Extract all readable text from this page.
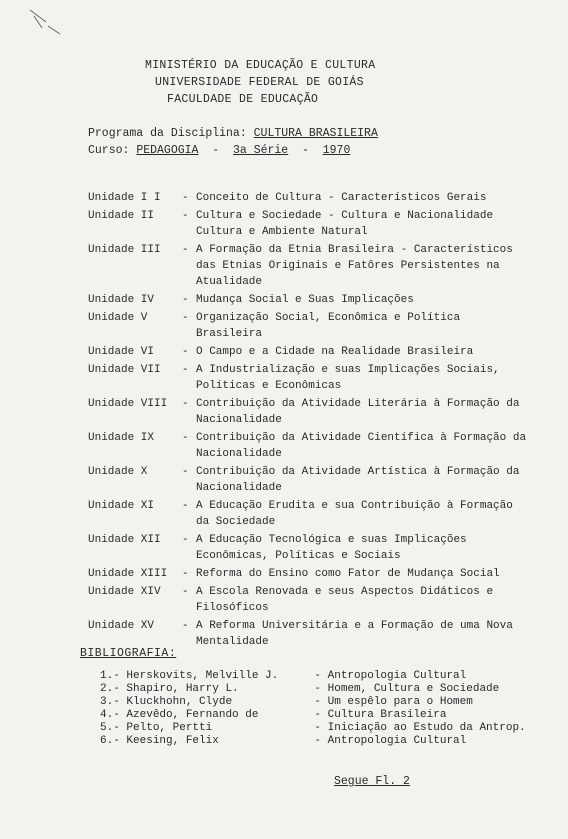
MINISTÉRIO DA EDUCAÇÃO E CULTURA
UNIVERSIDADE FEDERAL DE GOIÁS
FACULDADE DE EDUCAÇÃO
Programa da Disciplina: CULTURA BRASILEIRA
Curso: PEDAGOGIA - 3a Série - 1970
Unidade I I	- Conceito de Cultura - Característicos Gerais
Unidade II	- Cultura e Sociedade - Cultura e Nacionalidade Cultura e Ambiente Natural
Unidade III	- A Formação da Etnia Brasileira - Característicos das Etnias Originais e Fatôres Persistentes na Atualidade
Unidade IV	- Mudança Social e Suas Implicações
Unidade V	- Organização Social, Econômica e Política Brasileira
Unidade VI	- O Campo e a Cidade na Realidade Brasileira
Unidade VII	- A Industrialização e suas Implicações Sociais, Políticas e Econômicas
Unidade VIII	- Contribuição da Atividade Literária à Formação da Nacionalidade
Unidade IX	- Contribuição da Atividade Científica à Formação da Nacionalidade
Unidade X	- Contribuição da Atividade Artística à Formação da Nacionalidade
Unidade XI	- A Educação Erudita e sua Contribuição à Formação da Sociedade
Unidade XII	- A Educação Tecnológica e suas Implicações Econômicas, Políticas e Sociais
Unidade XIII	- Reforma do Ensino como Fator de Mudança Social
Unidade XIV	- A Escola Renovada e seus Aspectos Didáticos e Filosóficos
Unidade XV	- A Reforma Universitária e a Formação de uma Nova Mentalidade
BIBLIOGRAFIA:
1.-
Herskovits, Melville J.	- Antropologia Cultural
2.-
Shapiro, Harry L.	- Homem, Cultura e Sociedade
3.-
Kluckhohn, Clyde	- Um espêlo para o Homem
4.-
Azevêdo, Fernando de	- Cultura Brasileira
5.-
Pelto, Pertti	- Iniciação ao Estudo da Antrop.
6.-
Keesing, Felix	- Antropologia Cultural
Segue Fl. 2
